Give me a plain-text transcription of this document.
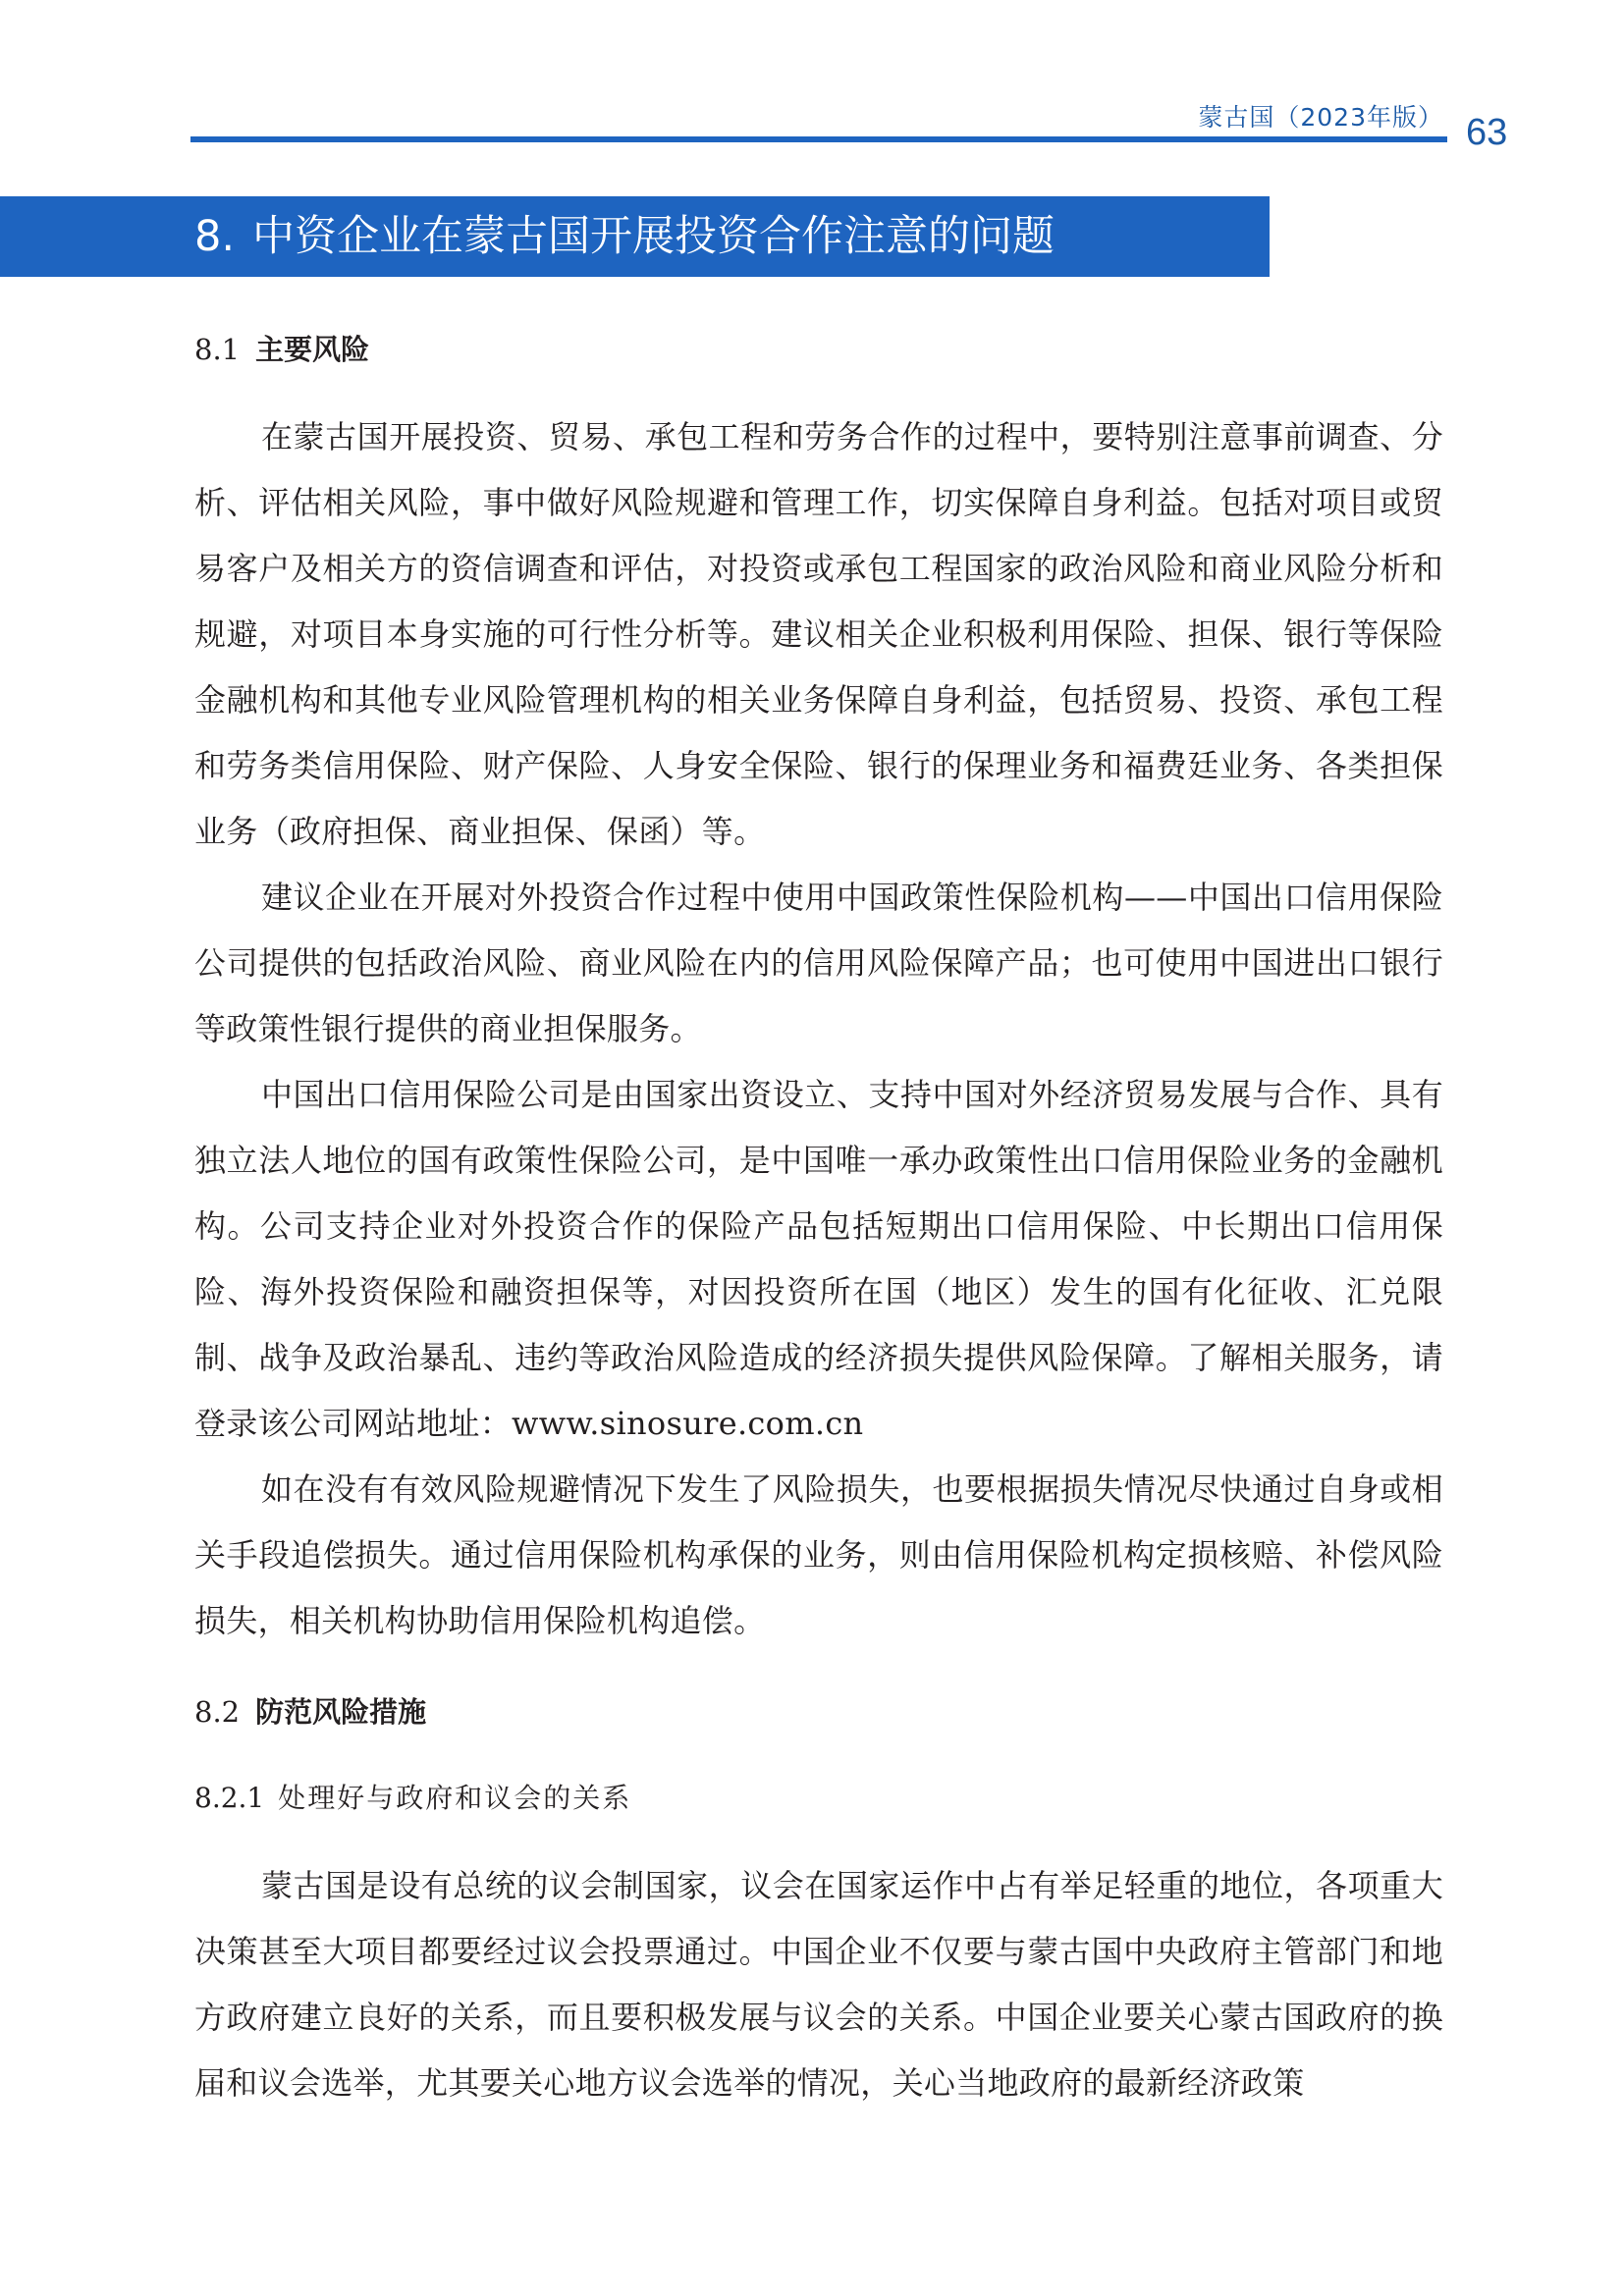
蒙古国（2023年版） 63
8. 中资企业在蒙古国开展投资合作注意的问题
8.1 主要风险

在蒙古国开展投资、贸易、承包工程和劳务合作的过程中，要特别注意事前调查、分析、评估相关风险，事中做好风险规避和管理工作，切实保障自身利益。包括对项目或贸易客户及相关方的资信调查和评估，对投资或承包工程国家的政治风险和商业风险分析和规避，对项目本身实施的可行性分析等。建议相关企业积极利用保险、担保、银行等保险金融机构和其他专业风险管理机构的相关业务保障自身利益，包括贸易、投资、承包工程和劳务类信用保险、财产保险、人身安全保险、银行的保理业务和福费廷业务、各类担保业务（政府担保、商业担保、保函）等。

建议企业在开展对外投资合作过程中使用中国政策性保险机构——中国出口信用保险公司提供的包括政治风险、商业风险在内的信用风险保障产品；也可使用中国进出口银行等政策性银行提供的商业担保服务。

中国出口信用保险公司是由国家出资设立、支持中国对外经济贸易发展与合作、具有独立法人地位的国有政策性保险公司，是中国唯一承办政策性出口信用保险业务的金融机构。公司支持企业对外投资合作的保险产品包括短期出口信用保险、中长期出口信用保险、海外投资保险和融资担保等，对因投资所在国（地区）发生的国有化征收、汇兑限制、战争及政治暴乱、违约等政治风险造成的经济损失提供风险保障。了解相关服务，请登录该公司网站地址：www.sinosure.com.cn

如在没有有效风险规避情况下发生了风险损失，也要根据损失情况尽快通过自身或相关手段追偿损失。通过信用保险机构承保的业务，则由信用保险机构定损核赔、补偿风险损失，相关机构协助信用保险机构追偿。

8.2 防范风险措施
8.2.1 处理好与政府和议会的关系

蒙古国是设有总统的议会制国家，议会在国家运作中占有举足轻重的地位，各项重大决策甚至大项目都要经过议会投票通过。中国企业不仅要与蒙古国中央政府主管部门和地方政府建立良好的关系，而且要积极发展与议会的关系。中国企业要关心蒙古国政府的换届和议会选举，尤其要关心地方议会选举的情况，关心当地政府的最新经济政策
